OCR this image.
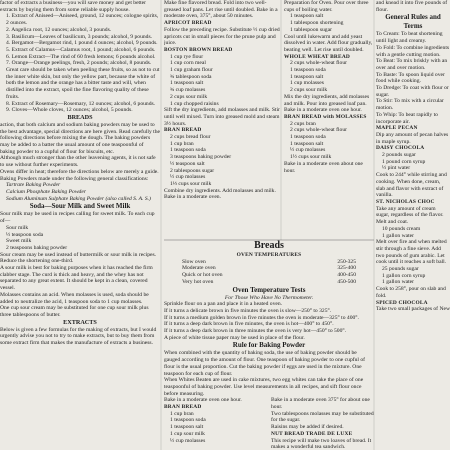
factor of extracts a business—you will save money and get better extracts by buying them from some reliable supply house.

1. Extract of Aniseed—Aniseed, ground, 12 ounces; cologne spirits, 2 ounces.

2. Angelica root, 12 ounces; alcohol, 3 pounds.

3. Basilicum—Leaves of basilicum, 3 pounds; alcohol, 9 pounds.

4. Bergamot—Bergamot rind, 1 pound 4 ounces; alcohol, 9 pounds.

5. Extract of Calamus—Calamus root, 1 pound; alcohol, 6 pounds.

6. Lemon Extract—The rind of 60 fresh lemons; 6 pounds alcohol.

7. Orange—Orange peelings, fresh, 2 pounds; alcohol, 8 pounds. Great care should be taken when peeling these fruits, so as not to cut the inner white skin, but only the yellow part, because the white of both the lemon and the orange has a bitter taste and will, when distilled into the extract, spoil the fine flavoring quality of these fruits.

8. Extract of Rosemary—Rosemary, 12 ounces; alcohol, 6 pounds.

9. Cloves—Whole cloves, 12 ounces; alcohol, 5 pounds.

BREADS

action, that both calcium and sodium baking powders may be used to the best advantage, special directions are here given. Read carefully the following directions before mixing the dough. The baking powders may be added to a batter the usual amount of one teaspoonful of baking powder to a cupful of flour for biscuits, etc.

Although much stronger than the other leavening agents, it is not safe to use without further experiments.

Ovens differ in heat; therefore the directions below are merely a guide. Baking Powders made under the following general classifications:

Tartrate Baking Powder

Calcium Phosphate Baking Powder

Sodium Aluminum Sulphate Baking Powder (also called S. A. S.)

Soda—Sour Milk and Sweet Milk

Sour milk may be used in recipes calling for sweet milk. To each cup of—

Sour milk

½ teaspoon soda

Sweet milk

2 teaspoons baking powder

Sour cream may be used instead of buttermilk or sour milk in recipes. Reduce the shortening one-third.

A sour milk is best for baking purposes when it has reached the firm clabber stage. The curd is thick and heavy, and the whey has not separated to any great extent. It should be kept in a clean, covered vessel.

Molasses contains an acid. When molasses is used, soda should be added to neutralize the acid, 1 teaspoon soda to 1 cup molasses.

One cup sour cream may be substituted for one cup sour milk plus three tablespoons of butter.

EXTRACTS

Below is given a few formulas for the making of extracts, but I would urgently advise you not to try to make extracts, but to buy them from some extract firm that makes the manufacture of extracts a business.

Make fine flavored bread. Fold into two well-greased loaf pans. Let rise until doubled. Bake in a moderate oven, 375°, about 50 minutes.

APRICOT BREAD

Follow the preceding recipe. Substitute ½ cup dried apricots cut in small pieces for the prune pulp and juice.

BOSTON BROWN BREAD

1 cup rye flour

1 cup corn meal

1 cup graham flour

¾ tablespoon soda

1 teaspoon salt

¾ cup molasses

2 cups sour milk

1 cup chopped raisins

Sift the dry ingredients, add molasses and milk. Stir until well mixed. Turn into greased mold and steam 3½ hours.

BRAN BREAD

2 cups bread flour

1 cup bran

1 teaspoon soda

3 teaspoons baking powder

½ teaspoon salt

2 tablespoons sugar

½ cup molasses

1⅓ cups sour milk

Combine dry ingredients. Add molasses and milk. Bake in a moderate oven.

Preparation for Oven. Pour over three cups of boiling water.

1 teaspoon salt

1 tablespoon shortening

1 tablespoon sugar

Cool until lukewarm and add yeast dissolved in water. Add flour gradually, beating well. Let rise until doubled.

WHOLE WHEAT BREAD

2 cups whole-wheat flour

1 teaspoon soda

1 teaspoon salt

1 cup molasses

2 cups sour milk

Mix the dry ingredients, add molasses and milk. Pour into greased loaf pan. Bake in a moderate oven one hour.

BRAN BREAD with MOLASSES

2 cups bran

2 cups whole-wheat flour

1 teaspoon soda

1 teaspoon salt

½ cup molasses

1½ cups sour milk

Bake in a moderate oven about one hour.

and knead it into five pounds of flour.

General Rules and Terms

To Cream: To beat shortening until light and creamy.

To Fold: To combine ingredients with a gentle cutting motion.

To Beat: To mix briskly with an over and over motion.

To Baste: To spoon liquid over food while cooking.

To Dredge: To coat with flour or sugar.

To Stir: To mix with a circular motion.

To Whip: To beat rapidly to incorporate air.

MAPLE PECAN

Dip any amount of pecan halves in maple syrup.

DAISY CHOCOLA

2 pounds sugar

1 pound corn syrup

½ pint water

Cook to 244° while stirring and cooking. When done, cream, slab and flavor with extract of vanilla.

ST. NICHOLAS CHOC

Take any amount of cream sugar, regardless of the flavor. Melt and coat.

10 pounds cream

1 gallon water

Melt over fire and when melted stir through a fine sieve. Add two pounds of gum arabic. Let cook until it reaches a soft ball.

25 pounds sugar

1 gallon corn syrup

1 gallon water

Cook to 258°, pour on slab and fold.

SPICED CHOCOLA

Take two small packages of New

Breads

OVEN TEMPERATURES

Slow oven	250-325
Moderate oven	325-400
Quick or hot oven	400-450
Very hot oven	450-500

Oven Temperature Tests

For Those Who Have No Thermometer.

Sprinkle flour on a pan and place it in a heated oven.

If it turns a delicate brown in five minutes the oven is slow—250° to 325°.

If it turns a medium golden brown in five minutes the oven is moderate—325° to 400°.

If it turns a deep dark brown in five minutes, the oven is hot—400° to 450°.

If it turns a deep dark brown in three minutes the oven is very hot—450° to 500°.

A piece of white tissue paper may be used in place of the flour.

Rule for Baking Powder

When combined with the quantity of baking soda, the use of baking powder should be gauged according to the amount of flour. One teaspoon of baking powder to one cupful of flour is the usual proportion. Cut the baking powder if eggs are used in the mixture. One teaspoon for each cup of flour.

When Whites Beaten are used in cake mixtures, two egg whites can take the place of one teaspoonful of baking powder. Use level measurements in all recipes, and sift flour once before measuring.

Bake in a moderate oven one hour.

BRAN BREAD

1 cup bran

1 teaspoon soda

1 teaspoon salt

1 cup sour milk

½ cup molasses

Bake in a moderate oven 375° for about one hour.

Two tablespoons molasses may be substituted for the sugar.

Raisins may be added if desired.

NUT BREAD TRADE DE LUXE

This recipe will make two loaves of bread. It makes a wonderful tea sandwich.
